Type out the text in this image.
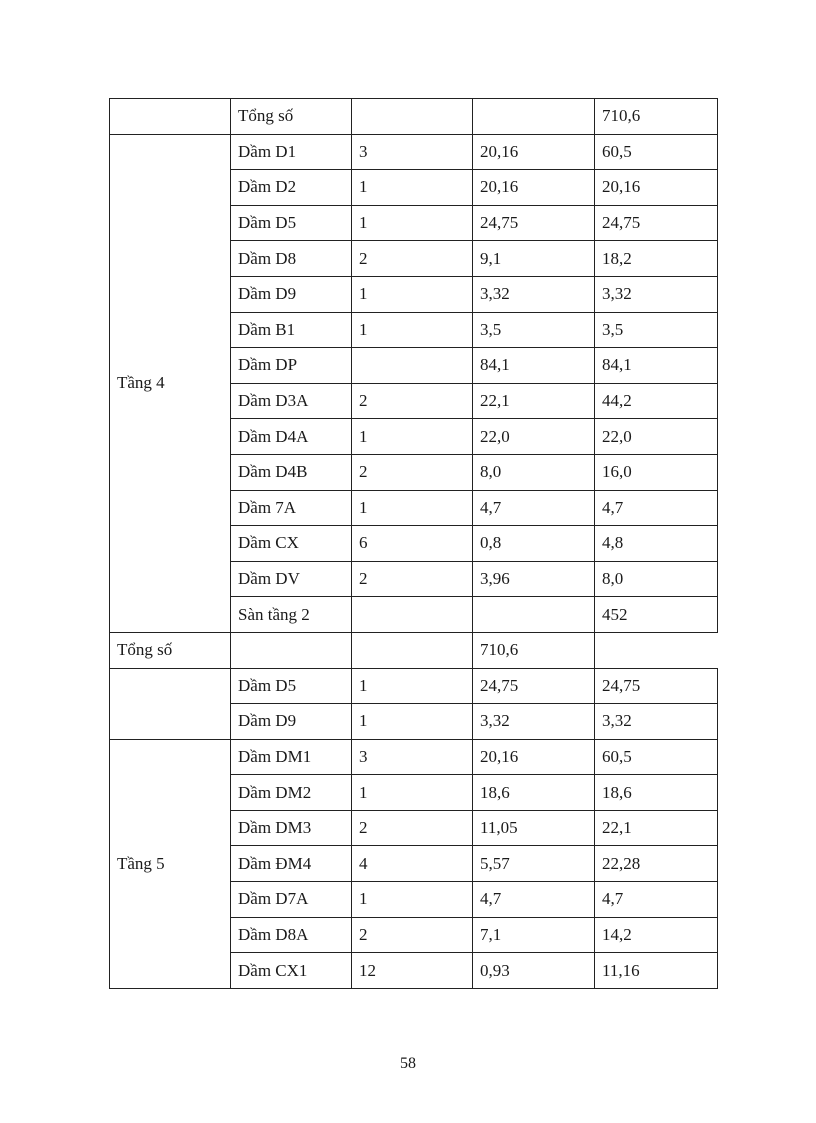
	Tổng số			710,6
Tầng 4	Dầm D1	3	20,16	60,5
	Dầm D2	1	20,16	20,16
	Dầm D5	1	24,75	24,75
	Dầm D8	2	9,1	18,2
	Dầm D9	1	3,32	3,32
	Dầm B1	1	3,5	3,5
	Dầm DP		84,1	84,1
	Dầm D3A	2	22,1	44,2
	Dầm D4A	1	22,0	22,0
	Dầm D4B	2	8,0	16,0
	Dầm 7A	1	4,7	4,7
	Dầm CX	6	0,8	4,8
	Dầm DV	2	3,96	8,0
	Sàn tầng 2			452
Tổng số			710,6	
	Dầm D5	1	24,75	24,75
	Dầm D9	1	3,32	3,32
Tầng 5	Dầm DM1	3	20,16	60,5
	Dầm DM2	1	18,6	18,6
	Dầm DM3	2	11,05	22,1
	Dầm ĐM4	4	5,57	22,28
	Dầm D7A	1	4,7	4,7
	Dầm D8A	2	7,1	14,2
	Dầm CX1	12	0,93	11,16
58
